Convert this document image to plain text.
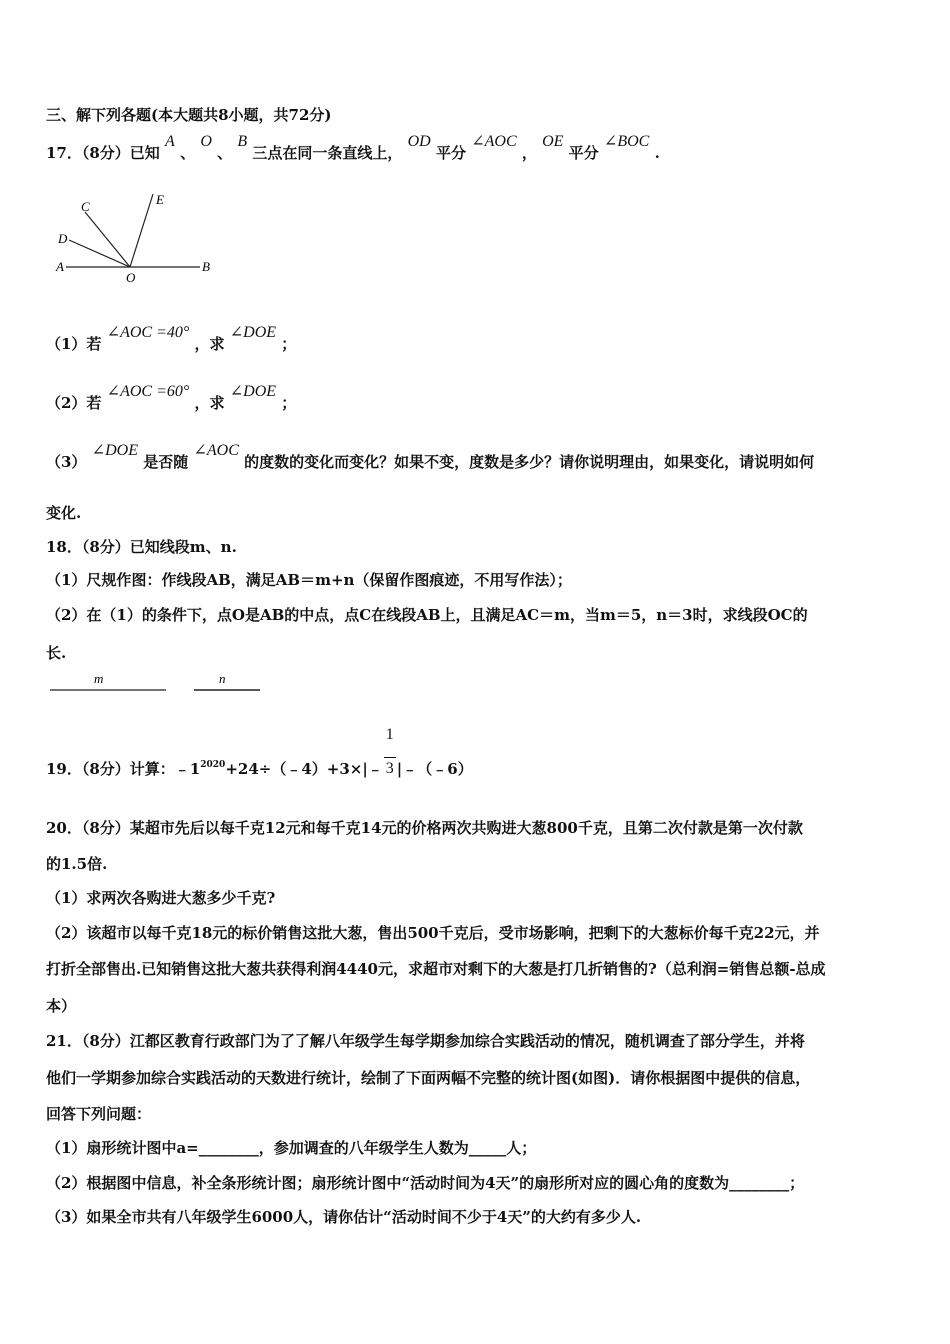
三、解下列各题(本大题共8小题，共72分)
17．（8分）已知 A 、 O 、 B 三点在同一条直线上， OD 平分 ∠AOC ， OE 平分 ∠BOC .
C
D
E
A
O
B
（1）若 ∠AOC =40° ，求 ∠DOE ；
（2）若 ∠AOC =60° ，求 ∠DOE ；
（3） ∠DOE 是否随 ∠AOC 的度数的变化而变化？如果不变，度数是多少？请你说明理由，如果变化，请说明如何
变化.
18．（8分）已知线段m、n.
（1）尺规作图：作线段AB，满足AB＝m+n（保留作图痕迹，不用写作法）；
（2）在（1）的条件下，点O是AB的中点，点C在线段AB上，且满足AC＝m，当m＝5，n＝3时，求线段OC的
长.
m	n
19．（8分）计算：$﹣1^{2020}+24\div(﹣4)+3\times|﹣ \frac{1}{3}$ |﹣（﹣6）
20．（8分）某超市先后以每千克12元和每千克14元的价格两次共购进大葱800千克，且第二次付款是第一次付款
的1.5倍.
（1）求两次各购进大葱多少千克?
（2）该超市以每千克18元的标价销售这批大葱，售出500千克后，受市场影响，把剩下的大葱标价每千克22元，并
打折全部售出.已知销售这批大葱共获得利润4440元，求超市对剩下的大葱是打几折销售的?（总利润=销售总额-总成
本）
21．（8分）江都区教育行政部门为了了解八年级学生每学期参加综合实践活动的情况，随机调查了部分学生，并将
他们一学期参加综合实践活动的天数进行统计，绘制了下面两幅不完整的统计图(如图)．请你根据图中提供的信息，
回答下列问题：
（1）扇形统计图中a=________，参加调查的八年级学生人数为_____人；
（2）根据图中信息，补全条形统计图；扇形统计图中“活动时间为4天”的扇形所对应的圆心角的度数为________；
（3）如果全市共有八年级学生6000人，请你估计“活动时间不少于4天”的大约有多少人.
